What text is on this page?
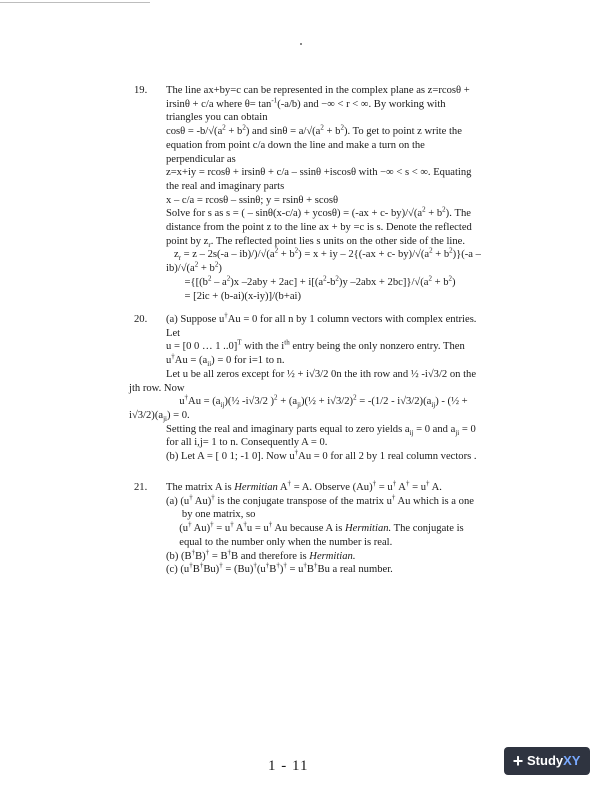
19. The line ax+by=c can be represented in the complex plane as z=rcosθ +
irsinθ + c/a where $\theta= \tan^{-1}(-a/b)$ and −∞ < r < ∞. By working with
triangles you can obtain
$\cos\theta = -b/√(a^2 + b^2)$ and $\sin\theta = a/√(a^2 + b^2)$. To get to point z write the
equation from point c/a down the line and make a turn on the
perpendicular as
z=x+iy = rcosθ + irsinθ + c/a – ssinθ +iscosθ with −∞ < s < ∞. Equating
the real and imaginary parts
x – c/a = rcosθ – ssinθ; y = rsinθ + scosθ
Solve for s as s = ( – sinθ(x-c/a) + ycosθ) = (-ax + c- $by)/√(a^2 + b^2)$. The
distance from the point z to the line ax + by =c is s. Denote the reflected
point by $z_r$. The reflected point lies s units on the other side of the line.
$z_r = z - 2s(-a - ib)/)/√(a^2 + b^2) = x$ + iy – 2{(-ax + c- $by)/√(a^2 + b^2)\}(-a$ –
$ib)/√(a^2 + b^2)$
$=\{[(b^2 - a^2)x$ $-2aby + 2ac] + i[(a^2-b^2)y$ $-2abx + 2bc]\}/√(a^2 + b^2)$
= [2ic + (b-ai)(x-iy)]/(b+ai)
20. (a) Suppose u†Au = 0 for all n by 1 column vectors with complex entries.
Let
u = [0 0 … 1 ..0]$^T$ with the $i^{th}$ entry being the only nonzero entry. Then
$u^\dagger Au = (a_{ii}) = 0$ for i=1 to n.
Let u be all zeros except for ½ + i√3/2 0n the ith row and ½ -i√3/2 on the
jth row. Now
$u^\dagger Au = (a_{ij})(\frac{1}{2}$ -i√3/2 )$^2 + (a_{ji})(\frac{1}{2} + i√3/2)^2 = -(1/2 - i√3/2)(a_{ij})$ - (½ +
$i√3/2)(a_{ji}) = 0$.
Setting the real and imaginary parts equal to zero yields $a_{ij} = 0$ and $a_{ji} = 0$
for all i,j= 1 to n. Consequently A = 0.
(b) Let A = [ 0 1; -1 0]. Now u†Au = 0 for all 2 by 1 real column vectors .
21. The matrix A is Hermitian A† = A. Observe (Au)† = u† A† = u† A.
(a) (u† Au)† is the conjugate transpose of the matrix u† Au which is a one
by one matrix, so
(u† Au)† = u† A†u = u† Au because A is Hermitian. The conjugate is
equal to the number only when the number is real.
(b) (B†B)† = B†B and therefore is Hermitian.
(c) (u†B†Bu)† = (Bu)†(u†B†)† = u†B†Bu a real number.
1 - 11	+ StudyXY
